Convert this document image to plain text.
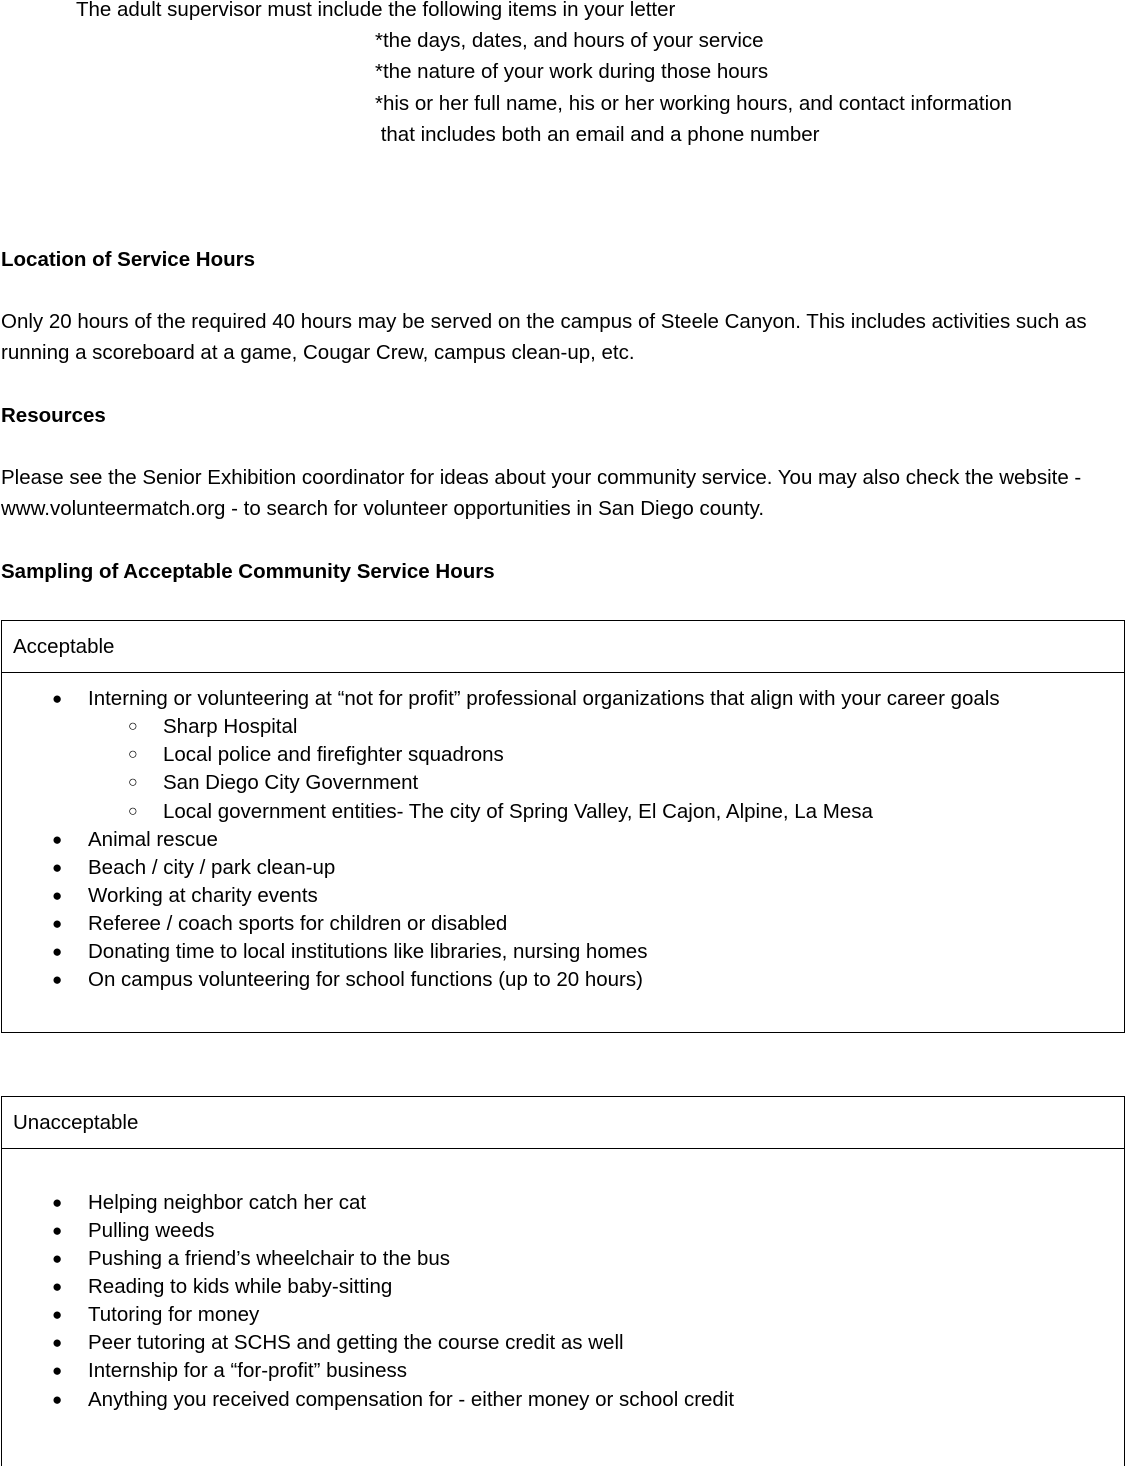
The adult supervisor must include the following items in your letter
*the days, dates, and hours of your service
*the nature of your work during those hours
*his or her full name, his or her working hours, and contact information
that includes both an email and a phone number
Location of Service Hours
Only 20 hours of the required 40 hours may be served on the campus of Steele Canyon. This includes activities such as running a scoreboard at a game, Cougar Crew, campus clean-up, etc.
Resources
Please see the Senior Exhibition coordinator for ideas about your community service. You may also check the website - www.volunteermatch.org - to search for volunteer opportunities in San Diego county.
Sampling of Acceptable Community Service Hours
Acceptable
● Interning or volunteering at “not for profit” professional organizations that align with your career goals
○ Sharp Hospital
○ Local police and firefighter squadrons
○ San Diego City Government
○ Local government entities- The city of Spring Valley, El Cajon, Alpine, La Mesa
● Animal rescue
● Beach / city / park clean-up
● Working at charity events
● Referee / coach sports for children or disabled
● Donating time to local institutions like libraries, nursing homes
● On campus volunteering for school functions (up to 20 hours)
Unacceptable
● Helping neighbor catch her cat
● Pulling weeds
● Pushing a friend’s wheelchair to the bus
● Reading to kids while baby-sitting
● Tutoring for money
● Peer tutoring at SCHS and getting the course credit as well
● Internship for a “for-profit” business
● Anything you received compensation for - either money or school credit
